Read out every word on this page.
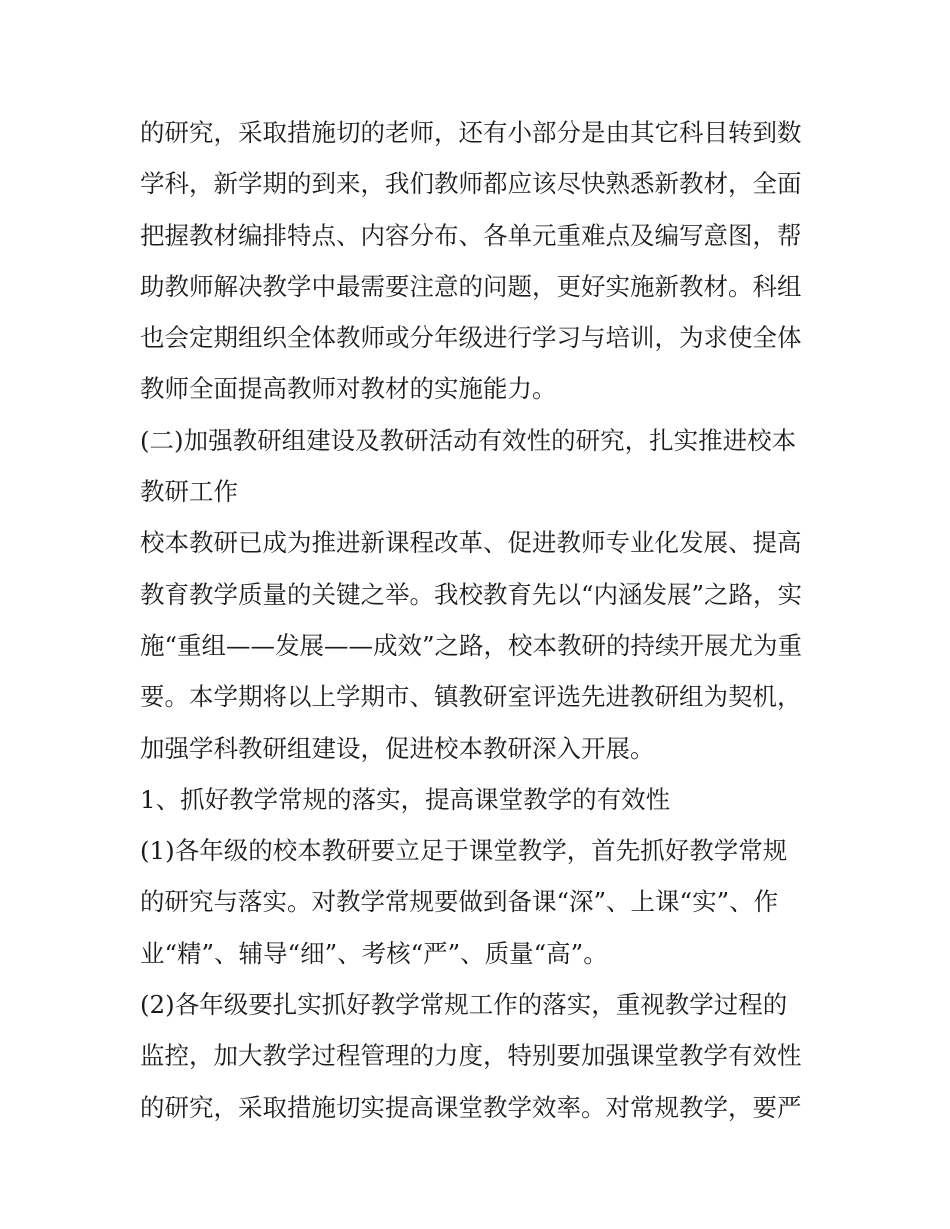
的研究，采取措施切的老师，还有小部分是由其它科目转到数
学科，新学期的到来，我们教师都应该尽快熟悉新教材，全面
把握教材编排特点、内容分布、各单元重难点及编写意图，帮
助教师解决教学中最需要注意的问题，更好实施新教材。科组
也会定期组织全体教师或分年级进行学习与培训，为求使全体
教师全面提高教师对教材的实施能力。
(二)加强教研组建设及教研活动有效性的研究，扎实推进校本
教研工作
校本教研已成为推进新课程改革、促进教师专业化发展、提高
教育教学质量的关键之举。我校教育先以“内涵发展”之路，实
施“重组——发展——成效”之路，校本教研的持续开展尤为重
要。本学期将以上学期市、镇教研室评选先进教研组为契机，
加强学科教研组建设，促进校本教研深入开展。
1、抓好教学常规的落实，提高课堂教学的有效性
(1)各年级的校本教研要立足于课堂教学，首先抓好教学常规
的研究与落实。对教学常规要做到备课“深”、上课“实”、作
业“精”、辅导“细”、考核“严”、质量“高”。
(2)各年级要扎实抓好教学常规工作的落实，重视教学过程的
监控，加大教学过程管理的力度，特别要加强课堂教学有效性
的研究，采取措施切实提高课堂教学效率。对常规教学，要严
